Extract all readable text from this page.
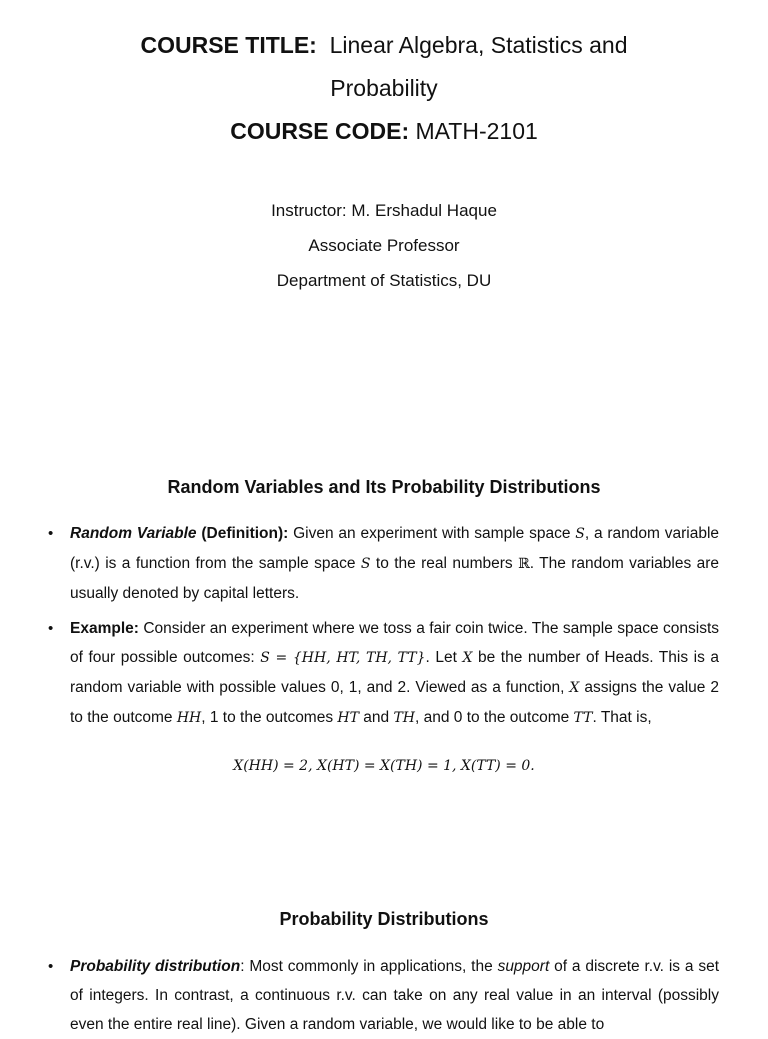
COURSE TITLE: Linear Algebra, Statistics and
Probability
COURSE CODE: MATH-2101
Instructor: M. Ershadul Haque
Associate Professor
Department of Statistics, DU
Random Variables and Its Probability Distributions
• Random Variable (Definition): Given an experiment with sample space S, a random variable (r.v.) is a function from the sample space S to the real numbers ℝ. The random variables are usually denoted by capital letters.
• Example: Consider an experiment where we toss a fair coin twice. The sample space consists of four possible outcomes: S = {HH, HT, TH, TT}. Let X be the number of Heads. This is a random variable with possible values 0, 1, and 2. Viewed as a function, X assigns the value 2 to the outcome HH, 1 to the outcomes HT and TH, and 0 to the outcome TT. That is,
X(HH) = 2, X(HT) = X(TH) = 1, X(TT) = 0.
Probability Distributions
• Probability distribution: Most commonly in applications, the support of a discrete r.v. is a set of integers. In contrast, a continuous r.v. can take on any real value in an interval (possibly even the entire real line). Given a random variable, we would like to be able to
